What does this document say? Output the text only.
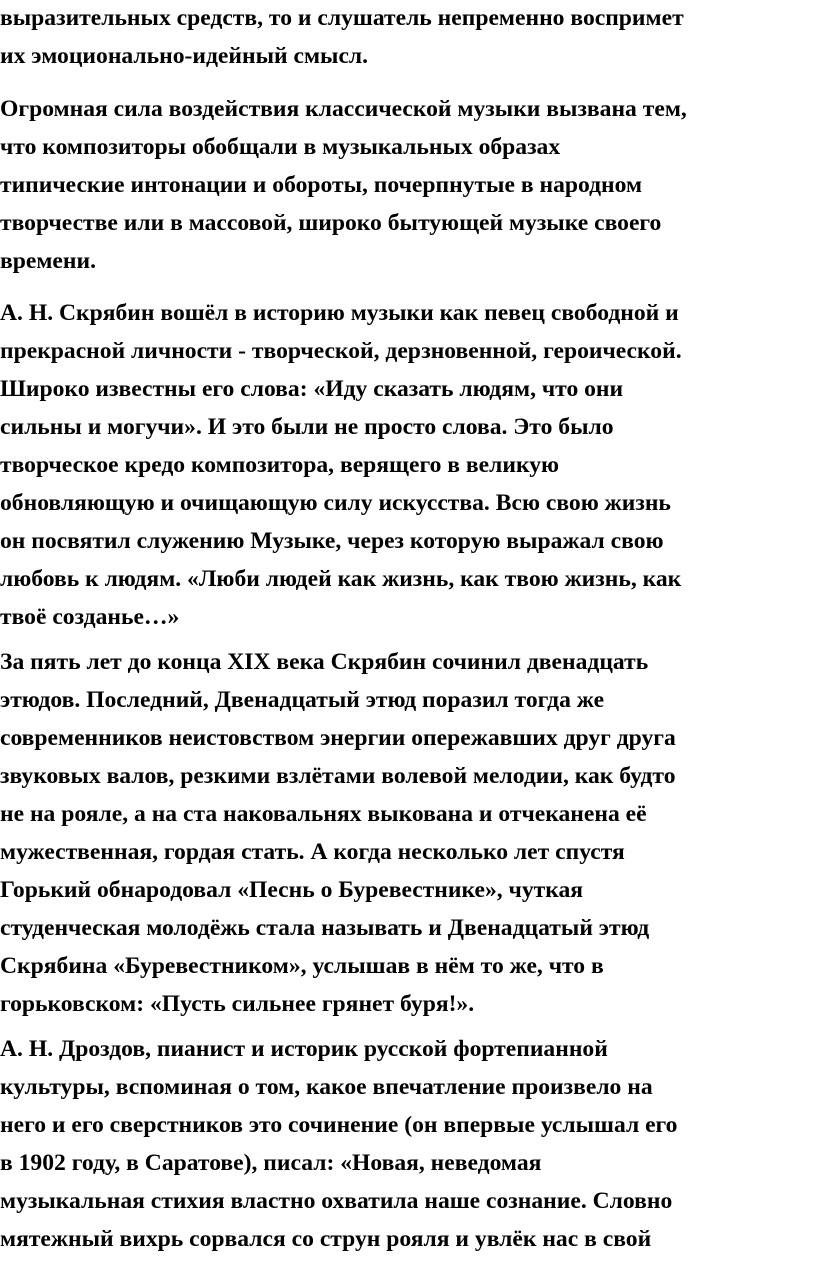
выразительных средств, то и слушатель непременно воспримет
их эмоционально-идейный смысл.
Огромная сила воздействия классической музыки вызвана тем,
что композиторы обобщали в музыкальных образах
типические интонации и обороты, почерпнутые в народном
творчестве или в массовой, широко бытующей музыке своего
времени.
А. Н. Скрябин вошёл в историю музыки как певец свободной и
прекрасной личности - творческой, дерзновенной, героической.
Широко известны его слова: «Иду сказать людям, что они
сильны и могучи». И это были не просто слова. Это было
творческое кредо композитора, верящего в великую
обновляющую и очищающую силу искусства. Всю свою жизнь
он посвятил служению Музыке, через которую выражал свою
любовь к людям. «Люби людей как жизнь, как твою жизнь, как
твоё созданье…»
За пять лет до конца XIX века Скрябин сочинил двенадцать
этюдов. Последний, Двенадцатый этюд поразил тогда же
современников неистовством энергии опережавших друг друга
звуковых валов, резкими взлётами волевой мелодии, как будто
не на рояле, а на ста наковальнях выкована и отчеканена её
мужественная, гордая стать. А когда несколько лет спустя
Горький обнародовал «Песнь о Буревестнике», чуткая
студенческая молодёжь стала называть и Двенадцатый этюд
Скрябина «Буревестником», услышав в нём то же, что в
горьковском: «Пусть сильнее грянет буря!».
А. Н. Дроздов, пианист и историк русской фортепианной
культуры, вспоминая о том, какое впечатление произвело на
него и его сверстников это сочинение (он впервые услышал его
в 1902 году, в Саратове), писал: «Новая, неведомая
музыкальная стихия властно охватила наше сознание. Словно
мятежный вихрь сорвался со струн рояля и увлёк нас в свой
